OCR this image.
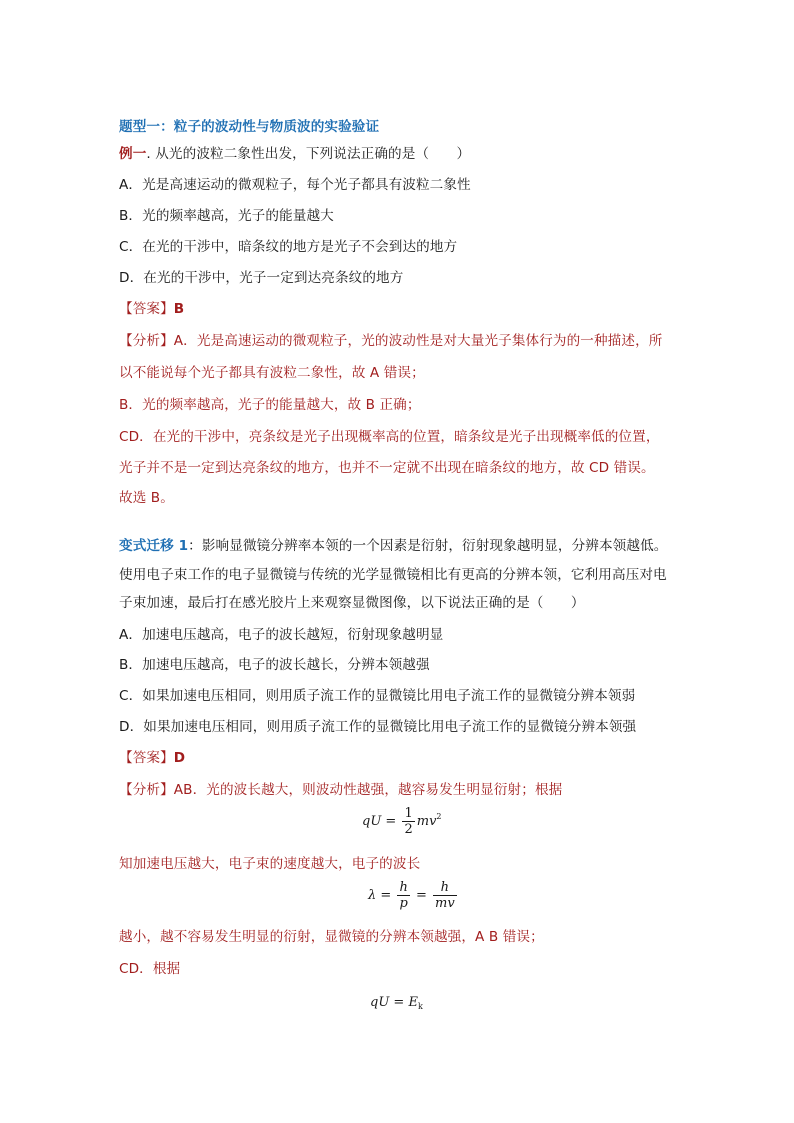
题型一：粒子的波动性与物质波的实验验证
例一. 从光的波粒二象性出发，下列说法正确的是（　　）
A．光是高速运动的微观粒子，每个光子都具有波粒二象性
B．光的频率越高，光子的能量越大
C．在光的干涉中，暗条纹的地方是光子不会到达的地方
D．在光的干涉中，光子一定到达亮条纹的地方
【答案】B
【分析】A．光是高速运动的微观粒子，光的波动性是对大量光子集体行为的一种描述，所
以不能说每个光子都具有波粒二象性，故 A 错误；
B．光的频率越高，光子的能量越大，故 B 正确；
CD．在光的干涉中，亮条纹是光子出现概率高的位置，暗条纹是光子出现概率低的位置，
光子并不是一定到达亮条纹的地方，也并不一定就不出现在暗条纹的地方，故 CD 错误。
故选 B。
变式迁移 1：影响显微镜分辨率本领的一个因素是衍射，衍射现象越明显，分辨本领越低。
使用电子束工作的电子显微镜与传统的光学显微镜相比有更高的分辨本领，它利用高压对电
子束加速，最后打在感光胶片上来观察显微图像，以下说法正确的是（　　）
A．加速电压越高，电子的波长越短，衍射现象越明显
B．加速电压越高，电子的波长越长，分辨本领越强
C．如果加速电压相同，则用质子流工作的显微镜比用电子流工作的显微镜分辨本领弱
D．如果加速电压相同，则用质子流工作的显微镜比用电子流工作的显微镜分辨本领强
【答案】D
【分析】AB．光的波长越大，则波动性越强，越容易发生明显衍射；根据
qU = $\frac{1}{2} mv^2$
知加速电压越大，电子束的速度越大，电子的波长
$\lambda = \frac{h}{p} = \frac{h}{mv}$
越小，越不容易发生明显的衍射，显微镜的分辨本领越强，A B 错误；
CD．根据
qU = $E_k$
